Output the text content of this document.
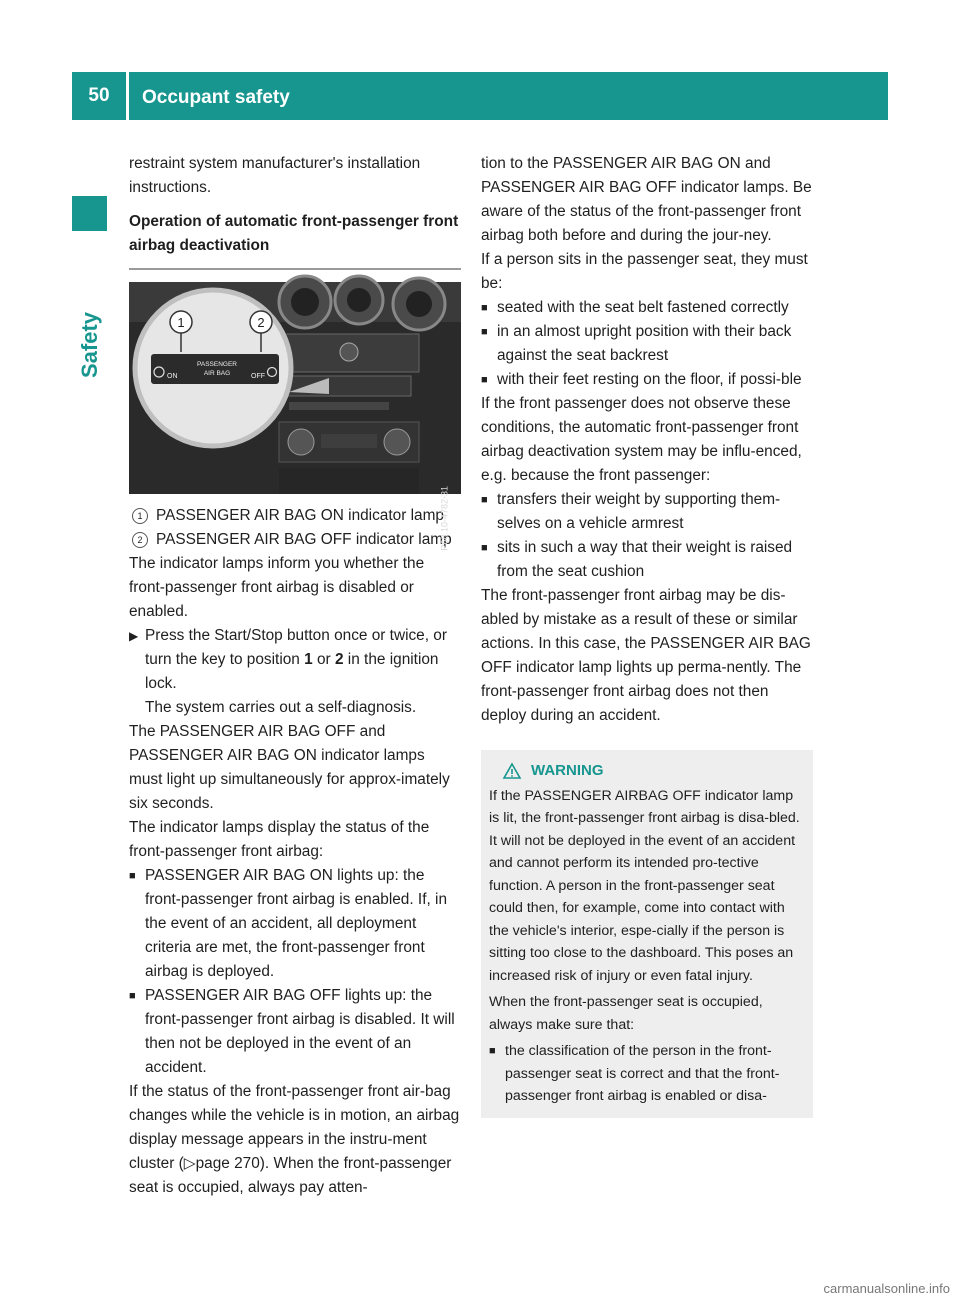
50	Occupant safety
Safety

restraint system manufacturer's installation instructions.

Operation of automatic front-passenger front airbag deactivation

1	2
ON
PASSENGER
AIR BAG	OFF
P68.10-4782-31
1 PASSENGER AIR BAG ON indicator lamp
2 PASSENGER AIR BAG OFF indicator lamp

The indicator lamps inform you whether the front-passenger front airbag is disabled or enabled.

▶ Press the Start/Stop button once or twice, or turn the key to position 1 or 2 in the ignition lock.

The system carries out a self-diagnosis.

The PASSENGER AIR BAG OFF and PASSENGER AIR BAG ON indicator lamps must light up simultaneously for approx-imately six seconds.

The indicator lamps display the status of the front-passenger front airbag:

■ PASSENGER AIR BAG ON lights up: the front-passenger front airbag is enabled. If, in the event of an accident, all deployment criteria are met, the front-passenger front airbag is deployed.
■ PASSENGER AIR BAG OFF lights up: the front-passenger front airbag is disabled. It will then not be deployed in the event of an accident.

If the status of the front-passenger front air-bag changes while the vehicle is in motion, an airbag display message appears in the instru-ment cluster (▷page 270). When the front-passenger seat is occupied, always pay atten-

tion to the PASSENGER AIR BAG ON and PASSENGER AIR BAG OFF indicator lamps. Be aware of the status of the front-passenger front airbag both before and during the jour-ney.

If a person sits in the passenger seat, they must be:

■ seated with the seat belt fastened correctly
■ in an almost upright position with their back against the seat backrest
■ with their feet resting on the floor, if possi-ble

If the front passenger does not observe these conditions, the automatic front-passenger front airbag deactivation system may be influ-enced, e.g. because the front passenger:

■ transfers their weight by supporting them-selves on a vehicle armrest
■ sits in such a way that their weight is raised from the seat cushion

The front-passenger front airbag may be dis-abled by mistake as a result of these or similar actions. In this case, the PASSENGER AIR BAG OFF indicator lamp lights up perma-nently. The front-passenger front airbag does not then deploy during an accident.

WARNING

If the PASSENGER AIRBAG OFF indicator lamp is lit, the front-passenger front airbag is disa-bled. It will not be deployed in the event of an accident and cannot perform its intended pro-tective function. A person in the front-passenger seat could then, for example, come into contact with the vehicle's interior, espe-cially if the person is sitting too close to the dashboard. This poses an increased risk of injury or even fatal injury.

When the front-passenger seat is occupied, always make sure that:

■ the classification of the person in the front-passenger seat is correct and that the front-passenger front airbag is enabled or disa-
carmanualsonline.info
